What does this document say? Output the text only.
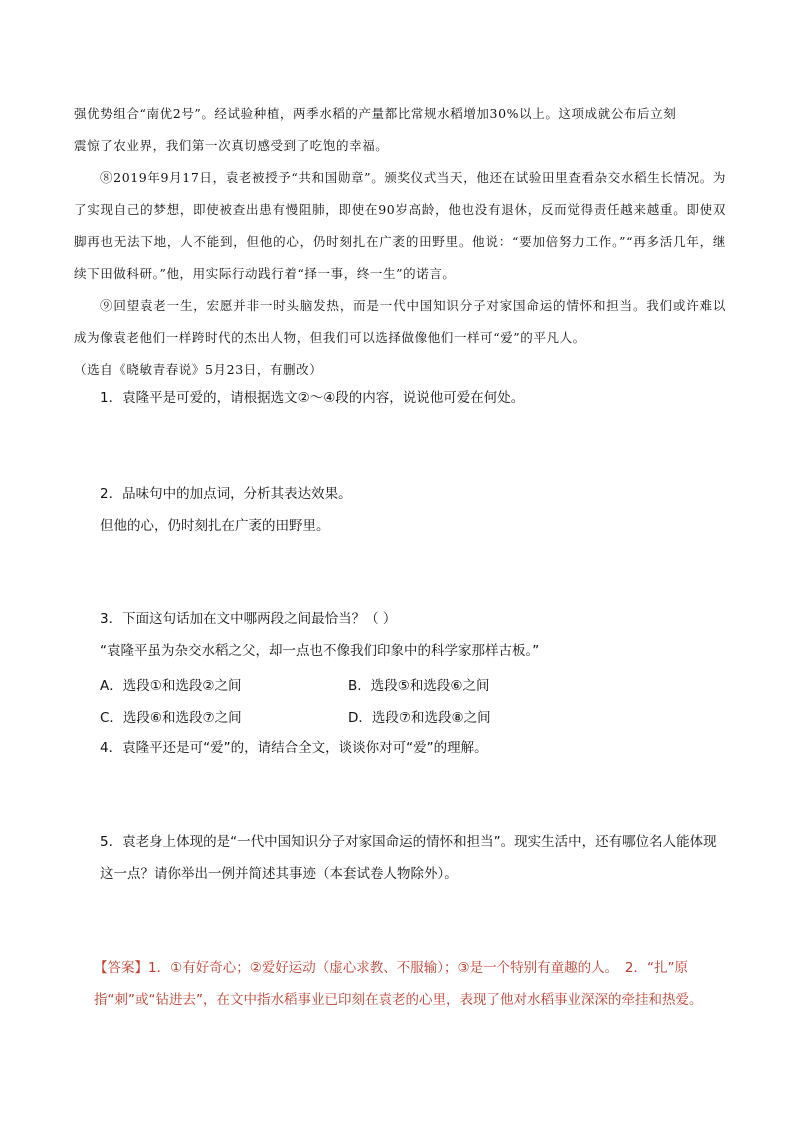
强优势组合“南优2号”。经试验种植，两季水稻的产量都比常规水稻增加30%以上。这项成就公布后立刻

震惊了农业界，我们第一次真切感受到了吃饱的幸福。

⑧2019年9月17日，袁老被授予“共和国勋章”。颁奖仪式当天，他还在试验田里查看杂交水稻生长情况。为了实现自己的梦想，即使被查出患有慢阻肺，即使在90岁高龄，他也没有退休，反而觉得责任越来越重。即使双脚再也无法下地，人不能到，但他的心，仍时刻扎在广袤的田野里。他说：“要加倍努力工作。”“再多活几年，继续下田做科研。”他，用实际行动践行着“择一事，终一生”的诺言。

⑨回望袁老一生，宏愿并非一时头脑发热，而是一代中国知识分子对家国命运的情怀和担当。我们或许难以成为像袁老他们一样跨时代的杰出人物，但我们可以选择做像他们一样可“爱”的平凡人。

（选自《晓敏青春说》5月23日，有删改）

1．袁隆平是可爱的，请根据选文②～④段的内容，说说他可爱在何处。

2．品味句中的加点词，分析其表达效果。

但他的心，仍时刻扎在广袤的田野里。

3．下面这句话加在文中哪两段之间最恰当？（ ）

“袁隆平虽为杂交水稻之父，却一点也不像我们印象中的科学家那样古板。”

A．选段①和选段②之间	B．选段⑤和选段⑥之间
C．选段⑥和选段⑦之间	D．选段⑦和选段⑧之间

4．袁隆平还是可“爱”的，请结合全文，谈谈你对可“爱”的理解。

5．袁老身上体现的是“一代中国知识分子对家国命运的情怀和担当”。现实生活中，还有哪位名人能体现这一点？请你举出一例并简述其事迹（本套试卷人物除外）。

【答案】1．①有好奇心；②爱好运动（虚心求教、不服输）；③是一个特别有童趣的人。　2．“扎”原指“刺”或“钻进去”，在文中指水稻事业已印刻在袁老的心里，表现了他对水稻事业深深的牵挂和热爱。
